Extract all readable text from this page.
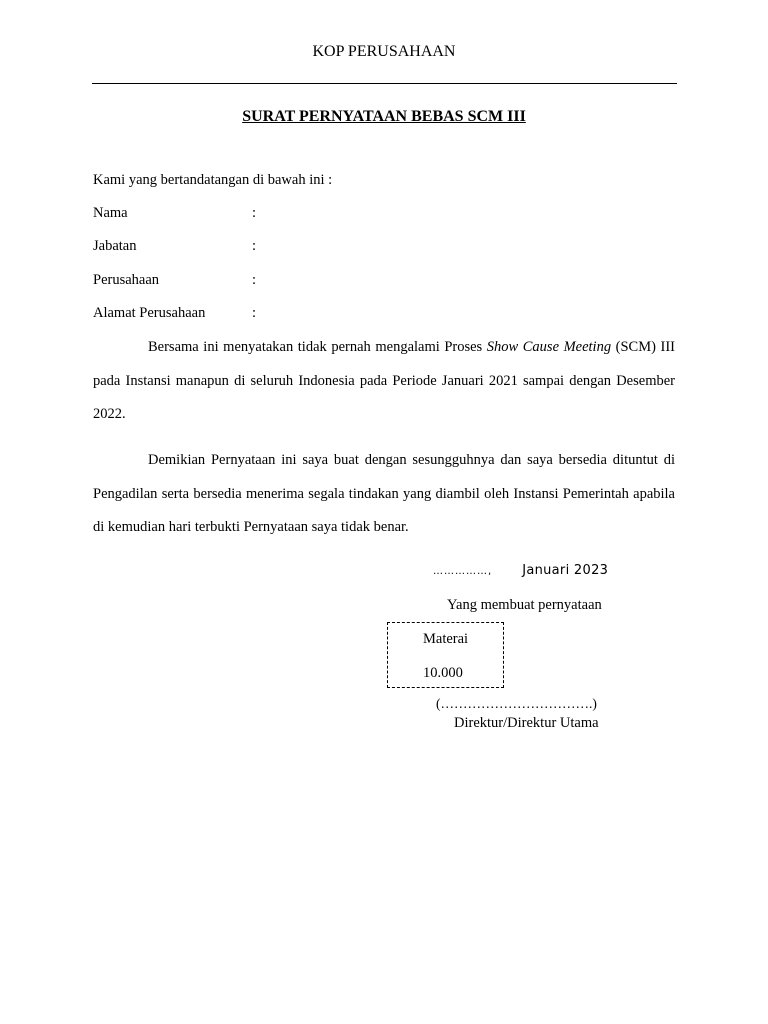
KOP PERUSAHAAN
SURAT PERNYATAAN BEBAS SCM III
Kami yang bertandatangan di bawah ini :
Nama	:
Jabatan	:
Perusahaan	:
Alamat Perusahaan	:
Bersama ini menyatakan tidak pernah mengalami Proses Show Cause Meeting (SCM) III pada Instansi manapun di seluruh Indonesia pada Periode Januari 2021 sampai dengan Desember 2022.
Demikian Pernyataan ini saya buat dengan sesungguhnya dan saya bersedia dituntut di Pengadilan serta bersedia menerima segala tindakan yang diambil oleh Instansi Pemerintah apabila di kemudian hari terbukti Pernyataan saya tidak benar.
……………, Januari 2023
Yang membuat pernyataan
Materai
10.000
(…………………………….)
Direktur/Direktur Utama
